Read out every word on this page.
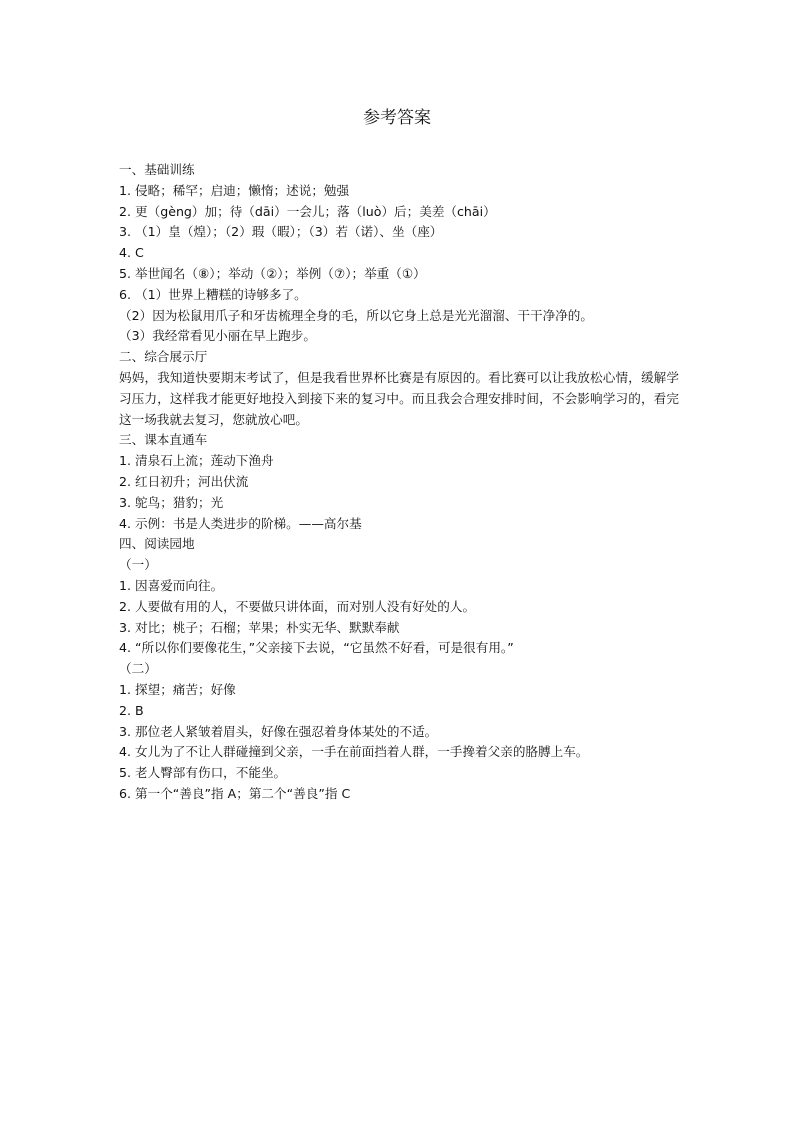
参考答案

一、基础训练

1. 侵略；稀罕；启迪；懒惰；述说；勉强

2. 更（gèng）加；待（dāi）一会儿；落（luò）后；美差（chāi）

3. （1）皇（煌）；（2）瑕（暇）；（3）若（诺）、坐（座）

4. C

5. 举世闻名（⑧）；举动（②）；举例（⑦）；举重（①）

6. （1）世界上糟糕的诗够多了。

（2）因为松鼠用爪子和牙齿梳理全身的毛，所以它身上总是光光溜溜、干干净净的。

（3）我经常看见小丽在早上跑步。

二、综合展示厅

妈妈，我知道快要期末考试了，但是我看世界杯比赛是有原因的。看比赛可以让我放松心情，缓解学习压力，这样我才能更好地投入到接下来的复习中。而且我会合理安排时间，不会影响学习的，看完这一场我就去复习，您就放心吧。

三、课本直通车

1. 清泉石上流；莲动下渔舟

2. 红日初升；河出伏流

3. 鸵鸟；猎豹；光

4. 示例：书是人类进步的阶梯。——高尔基

四、阅读园地

（一）

1. 因喜爱而向往。

2. 人要做有用的人，不要做只讲体面，而对别人没有好处的人。

3. 对比；桃子；石榴；苹果；朴实无华、默默奉献

4. “所以你们要像花生，”父亲接下去说，“它虽然不好看，可是很有用。”

（二）

1. 探望；痛苦；好像

2. B

3. 那位老人紧皱着眉头，好像在强忍着身体某处的不适。

4. 女儿为了不让人群碰撞到父亲，一手在前面挡着人群，一手搀着父亲的胳膊上车。

5. 老人臀部有伤口，不能坐。

6. 第一个“善良”指 A；第二个“善良”指 C
